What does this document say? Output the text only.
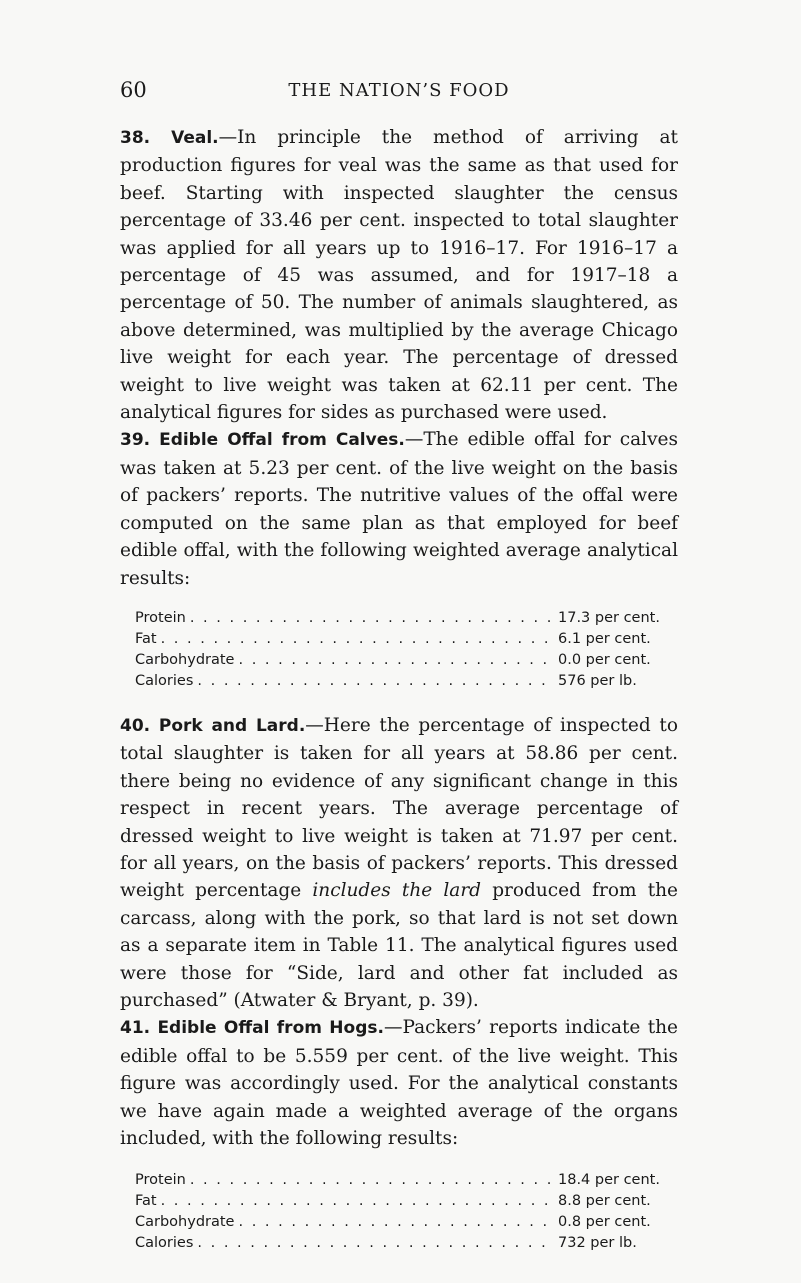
60	THE NATION’S FOOD

38. Veal.—In principle the method of arriving at production figures for veal was the same as that used for beef. Starting with inspected slaughter the census percentage of 33.46 per cent. inspected to total slaughter was applied for all years up to 1916–17. For 1916–17 a percentage of 45 was assumed, and for 1917–18 a percentage of 50. The number of animals slaughtered, as above determined, was multiplied by the average Chicago live weight for each year. The percentage of dressed weight to live weight was taken at 62.11 per cent. The analytical figures for sides as purchased were used.

39. Edible Offal from Calves.—The edible offal for calves was taken at 5.23 per cent. of the live weight on the basis of packers’ reports. The nutritive values of the offal were computed on the same plan as that employed for beef edible offal, with the following weighted average analytical results:

Protein . . .	17.3 per cent.
Fat . . .	6.1 per cent.
Carbohydrate . . .	0.0 per cent.
Calories . . .	576 per lb.

40. Pork and Lard.—Here the percentage of inspected to total slaughter is taken for all years at 58.86 per cent. there being no evidence of any significant change in this respect in recent years. The average percentage of dressed weight to live weight is taken at 71.97 per cent. for all years, on the basis of packers’ reports. This dressed weight percentage includes the lard produced from the carcass, along with the pork, so that lard is not set down as a separate item in Table 11. The analytical figures used were those for “Side, lard and other fat included as purchased” (Atwater & Bryant, p. 39).

41. Edible Offal from Hogs.—Packers’ reports indicate the edible offal to be 5.559 per cent. of the live weight. This figure was accordingly used. For the analytical constants we have again made a weighted average of the organs included, with the following results:

Protein . . .	18.4 per cent.
Fat . . .	8.8 per cent.
Carbohydrate . . .	0.8 per cent.
Calories . . .	732 per lb.
